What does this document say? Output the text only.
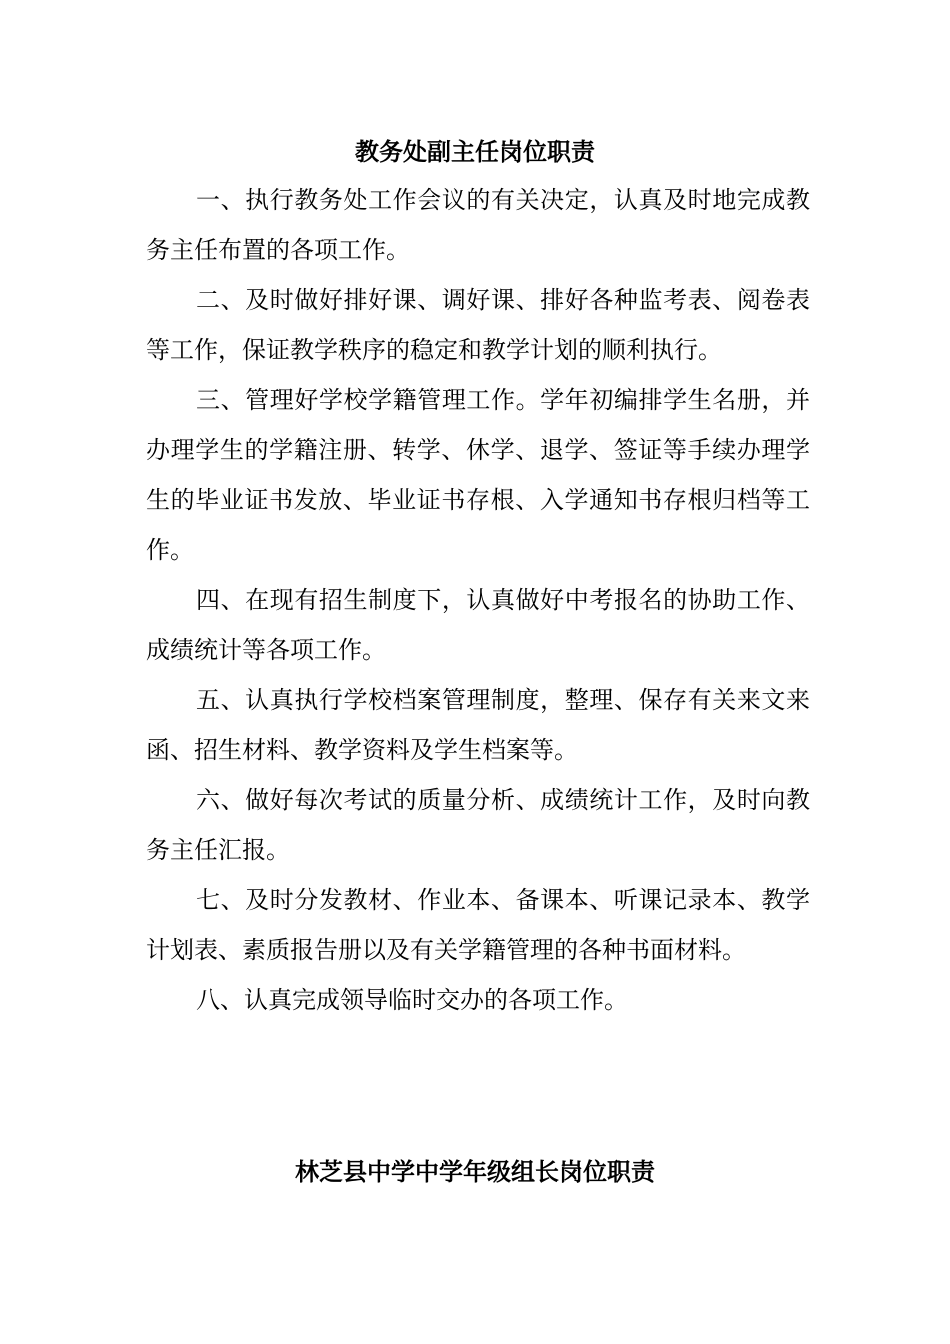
教务处副主任岗位职责

一、执行教务处工作会议的有关决定，认真及时地完成教务主任布置的各项工作。

二、及时做好排好课、调好课、排好各种监考表、阅卷表等工作，保证教学秩序的稳定和教学计划的顺利执行。

三、管理好学校学籍管理工作。学年初编排学生名册，并办理学生的学籍注册、转学、休学、退学、签证等手续办理学生的毕业证书发放、毕业证书存根、入学通知书存根归档等工作。

四、在现有招生制度下，认真做好中考报名的协助工作、成绩统计等各项工作。

五、认真执行学校档案管理制度，整理、保存有关来文来函、招生材料、教学资料及学生档案等。

六、做好每次考试的质量分析、成绩统计工作，及时向教务主任汇报。

七、及时分发教材、作业本、备课本、听课记录本、教学计划表、素质报告册以及有关学籍管理的各种书面材料。

八、认真完成领导临时交办的各项工作。

林芝县中学中学年级组长岗位职责
